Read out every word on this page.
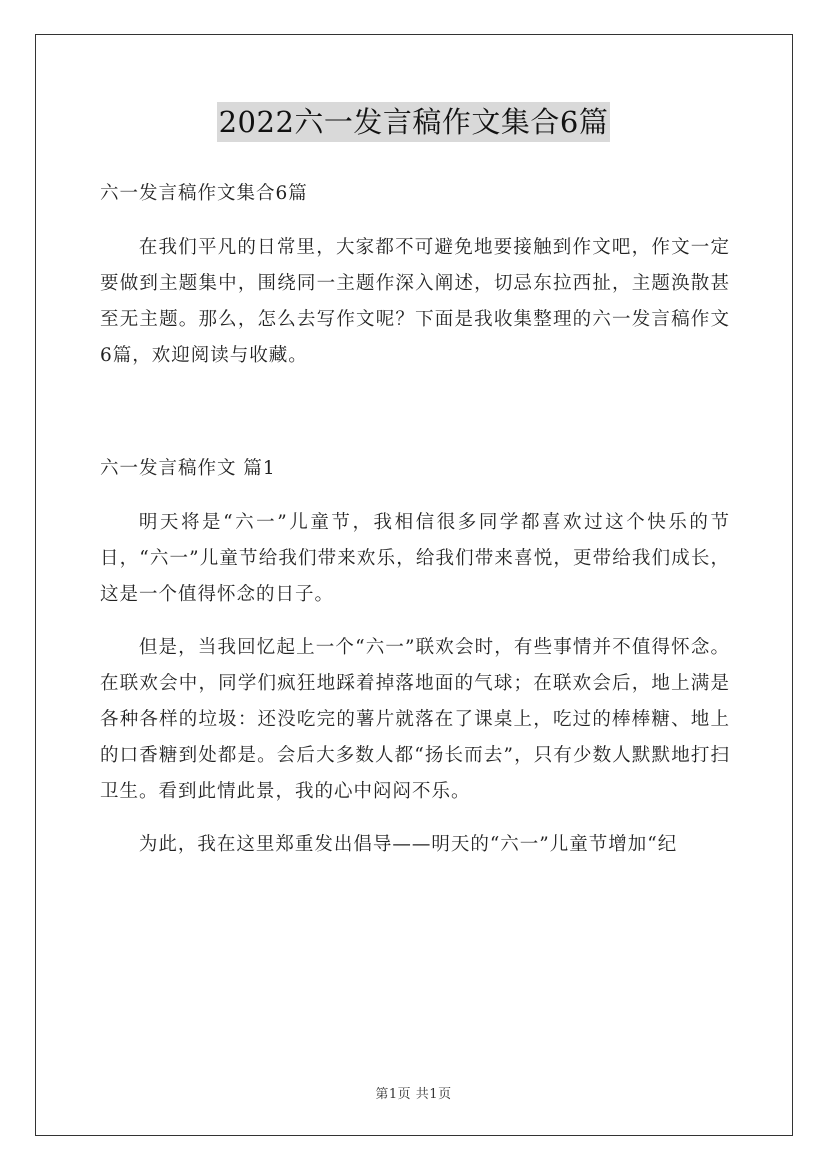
2022六一发言稿作文集合6篇

六一发言稿作文集合6篇

在我们平凡的日常里，大家都不可避免地要接触到作文吧，作文一定要做到主题集中，围绕同一主题作深入阐述，切忌东拉西扯，主题涣散甚至无主题。那么，怎么去写作文呢？下面是我收集整理的六一发言稿作文6篇，欢迎阅读与收藏。

六一发言稿作文 篇1

明天将是“六一”儿童节，我相信很多同学都喜欢过这个快乐的节日，“六一”儿童节给我们带来欢乐，给我们带来喜悦，更带给我们成长，这是一个值得怀念的日子。

但是，当我回忆起上一个“六一”联欢会时，有些事情并不值得怀念。在联欢会中，同学们疯狂地踩着掉落地面的气球；在联欢会后，地上满是各种各样的垃圾：还没吃完的薯片就落在了课桌上，吃过的棒棒糖、地上的口香糖到处都是。会后大多数人都“扬长而去”，只有少数人默默地打扫卫生。看到此情此景，我的心中闷闷不乐。

为此，我在这里郑重发出倡导——明天的“六一”儿童节增加“纪

第1页 共1页
